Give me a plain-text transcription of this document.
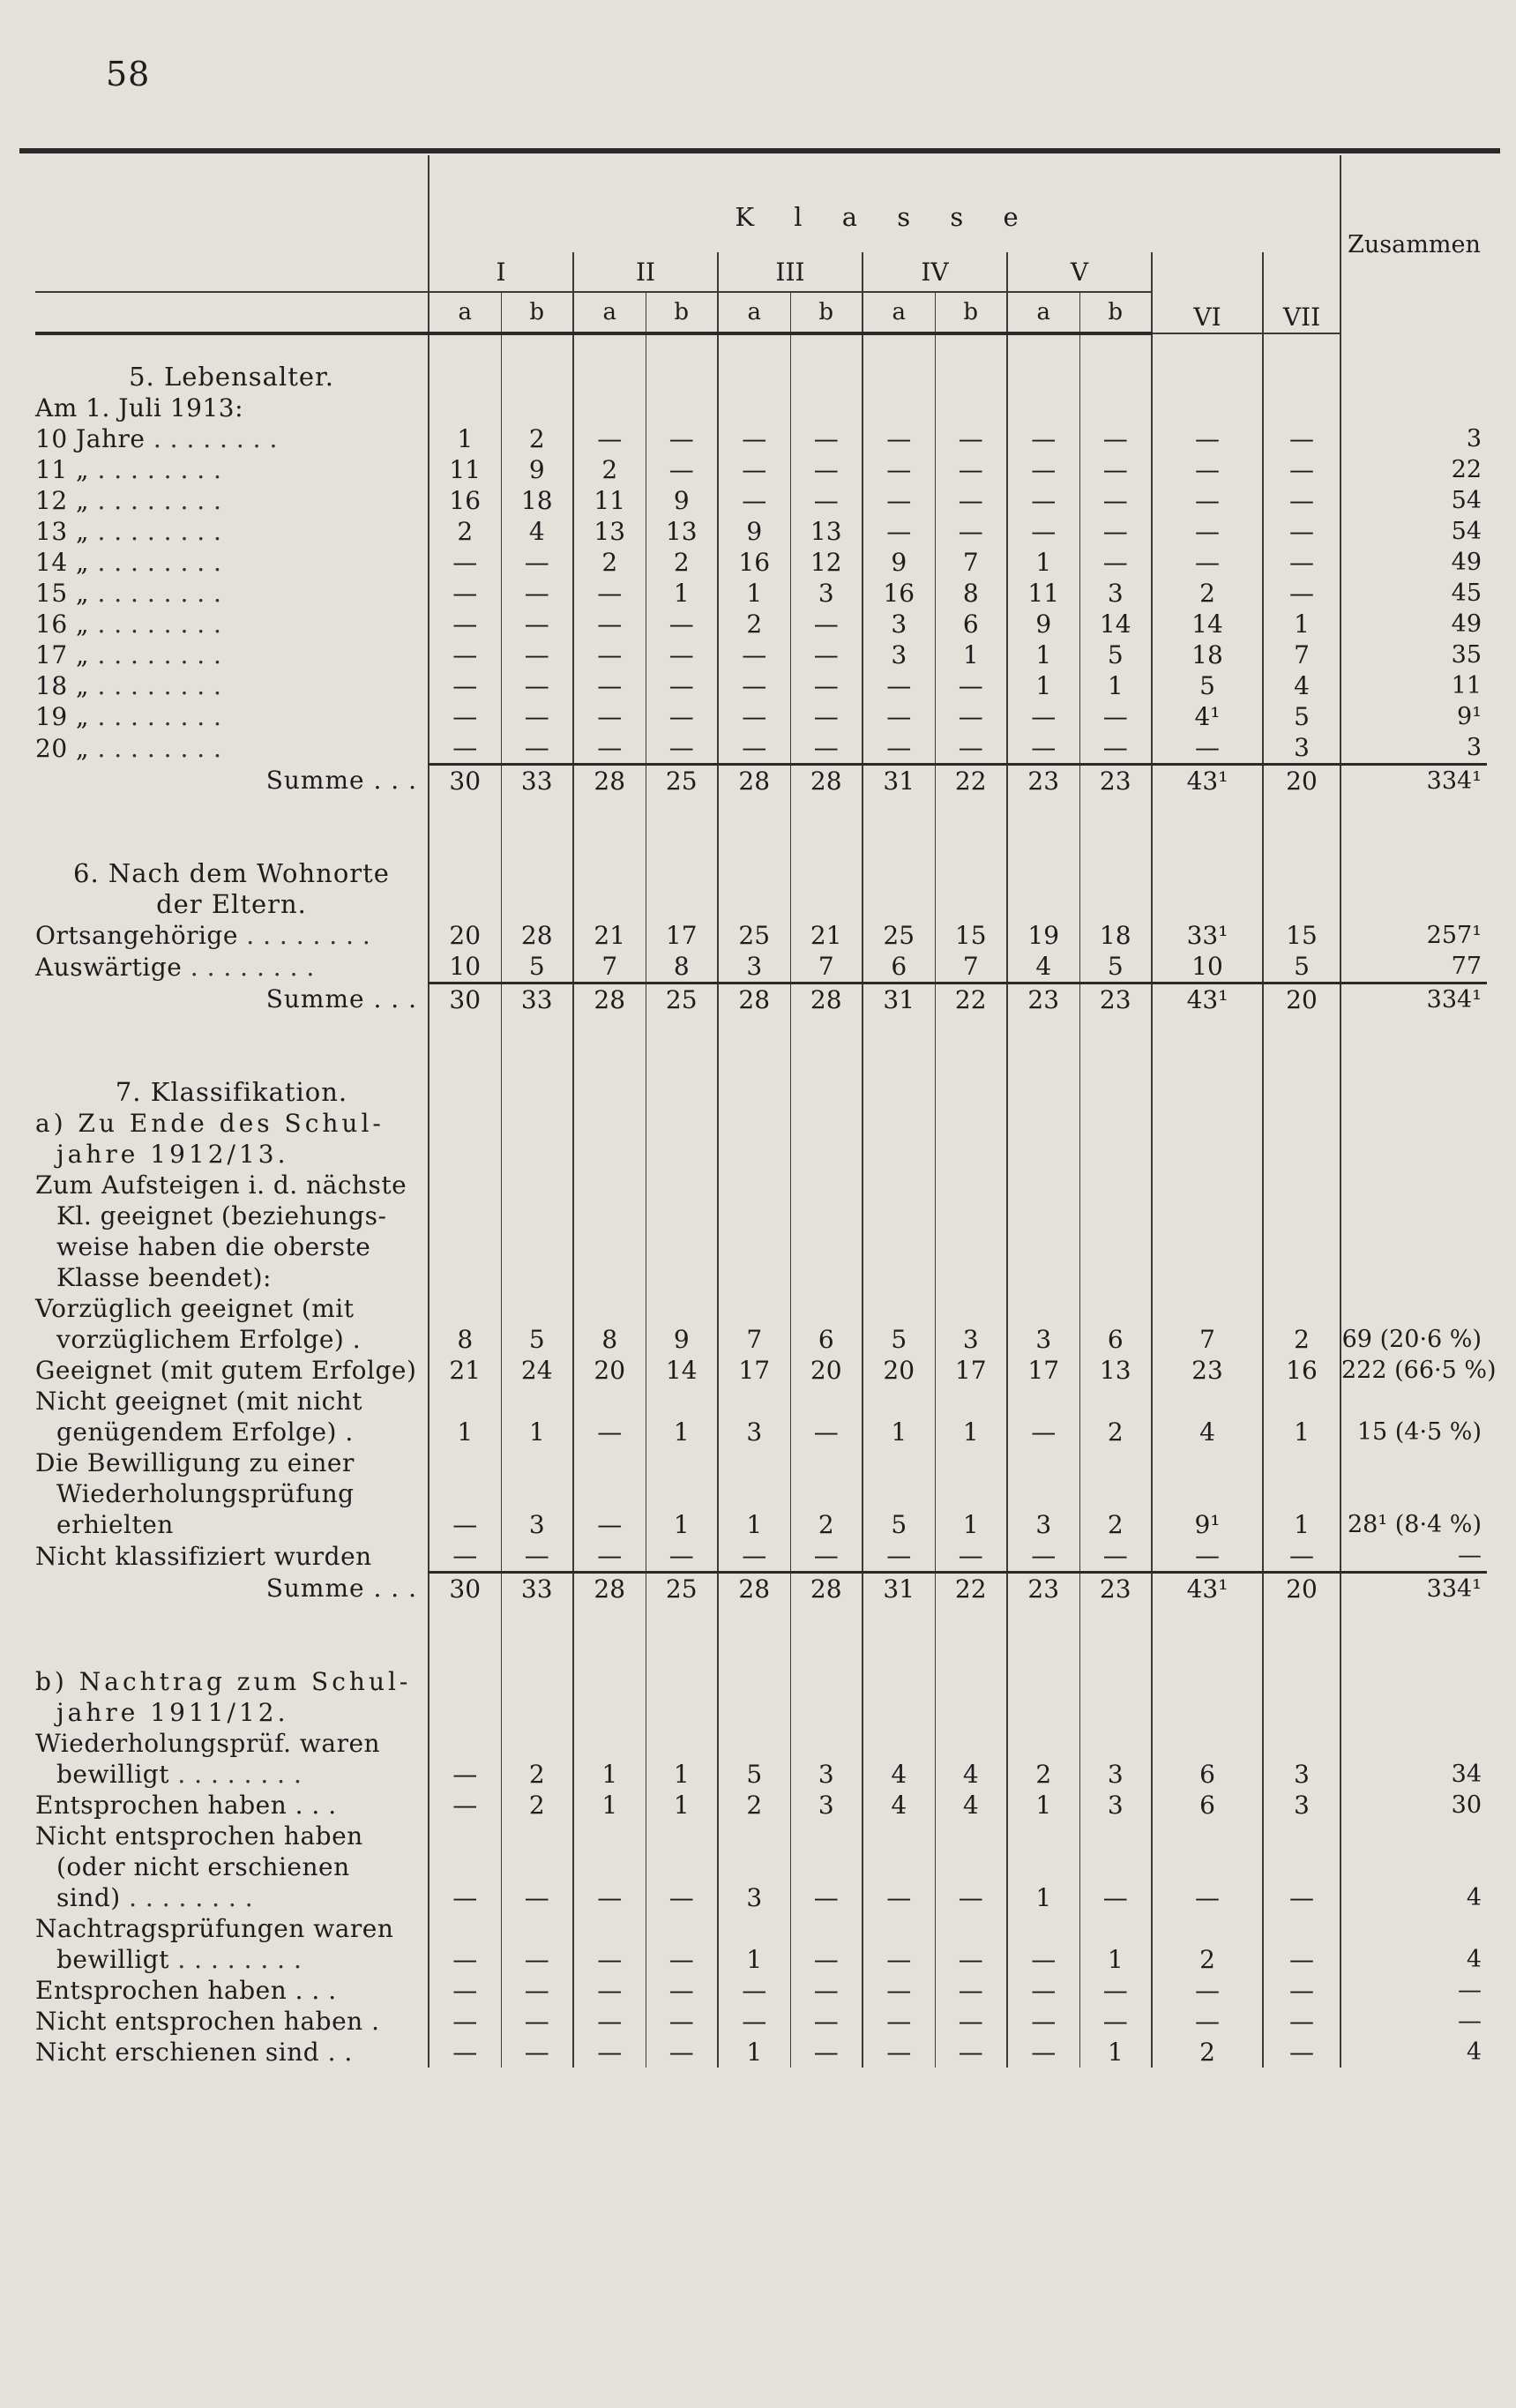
58
	K l a s s e												Zusammen
	I		II		III		IV		V		VI	VII	
	a	b	a	b	a	b	a	b	a	b			

5. Lebensalter.													
Am 1. Juli 1913:													
10 Jahre . . .	1	2	—	—	—	—	—	—	—	—	—	—	3
11 „ . . .	11	9	2	—	—	—	—	—	—	—	—	—	22
12 „ . . .	16	18	11	9	—	—	—	—	—	—	—	—	54
13 „ . . .	2	4	13	13	9	13	—	—	—	—	—	—	54
14 „ . . .	—	—	2	2	16	12	9	7	1	—	—	—	49
15 „ . . .	—	—	—	1	1	3	16	8	11	3	2	—	45
16 „ . . .	—	—	—	—	2	—	3	6	9	14	14	1	49
17 „ . . .	—	—	—	—	—	—	3	1	1	5	18	7	35
18 „ . . .	—	—	—	—	—	—	—	—	1	1	5	4	11
19 „ . . .	—	—	—	—	—	—	—	—	—	—	4¹	5	9¹
20 „ . . .	—	—	—	—	—	—	—	—	—	—	—	3	3
Summe . . .	30	33	28	25	28	28	31	22	23	23	43¹	20	334¹

6. Nach dem Wohnorte													
der Eltern.													
Ortsangehörige . . .	20	28	21	17	25	21	25	15	19	18	33¹	15	257¹
Auswärtige . . .	10	5	7	8	3	7	6	7	4	5	10	5	77
Summe . . .	30	33	28	25	28	28	31	22	23	23	43¹	20	334¹

7. Klassifikation.													
a) Zu Ende des Schul-													
jahre 1912/13.													
Zum Aufsteigen i. d. nächste													
Kl. geeignet (beziehungs-													
weise haben die oberste													
Klasse beendet):													
Vorzüglich geeignet (mit													
vorzüglichem Erfolge) .	8	5	8	9	7	6	5	3	3	6	7	2	69 (20·6 %)
Geeignet (mit gutem Erfolge)	21	24	20	14	17	20	20	17	17	13	23	16	222 (66·5 %)
Nicht geeignet (mit nicht													
genügendem Erfolge) .	1	1	—	1	3	—	1	1	—	2	4	1	15 (4·5 %)
Die Bewilligung zu einer													
Wiederholungsprüfung													
erhielten	—	3	—	1	1	2	5	1	3	2	9¹	1	28¹ (8·4 %)
Nicht klassifiziert wurden	—	—	—	—	—	—	—	—	—	—	—	—	—
Summe . . .	30	33	28	25	28	28	31	22	23	23	43¹	20	334¹

b) Nachtrag zum Schul-													
jahre 1911/12.													
Wiederholungsprüf. waren													
bewilligt . . .	—	2	1	1	5	3	4	4	2	3	6	3	34
Entsprochen haben . . .	—	2	1	1	2	3	4	4	1	3	6	3	30
Nicht entsprochen haben													
(oder nicht erschienen													
sind) . . .	—	—	—	—	3	—	—	—	1	—	—	—	4
Nachtragsprüfungen waren													
bewilligt . . .	—	—	—	—	1	—	—	—	—	1	2	—	4
Entsprochen haben . . .	—	—	—	—	—	—	—	—	—	—	—	—	—
Nicht entsprochen haben .	—	—	—	—	—	—	—	—	—	—	—	—	—
Nicht erschienen sind . .	—	—	—	—	1	—	—	—	—	1	2	—	4
